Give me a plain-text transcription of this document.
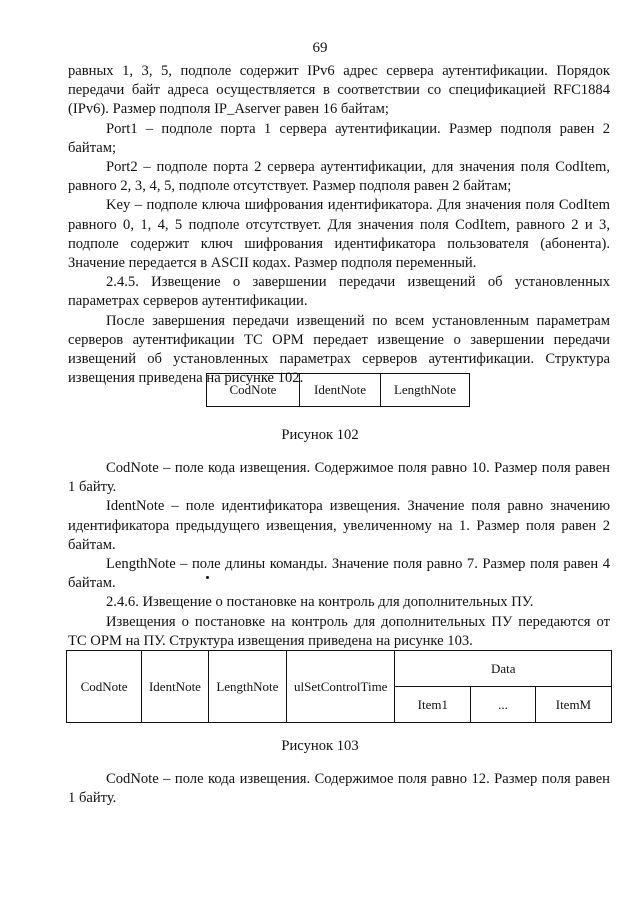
69

равных 1, 3, 5, подполе содержит IPv6 адрес сервера аутентификации. Порядок передачи байт адреса осуществляется в соответствии со спецификацией RFC1884 (IPv6). Размер подполя IP_Aserver равен 16 байтам;

Port1 – подполе порта 1 сервера аутентификации. Размер подполя равен 2 байтам;

Port2 – подполе порта 2 сервера аутентификации, для значения поля CodItem, равного 2, 3, 4, 5, подполе отсутствует. Размер подполя равен 2 байтам;

Key – подполе ключа шифрования идентификатора. Для значения поля CodItem равного 0, 1, 4, 5 подполе отсутствует. Для значения поля CodItem, равного 2 и 3, подполе содержит ключ шифрования идентификатора пользователя (абонента). Значение передается в ASCII кодах. Размер подполя переменный.

2.4.5. Извещение о завершении передачи извещений об установленных параметрах серверов аутентификации.

После завершения передачи извещений по всем установленным параметрам серверов аутентификации ТС ОРМ передает извещение о завершении передачи извещений об установленных параметрах серверов аутентификации. Структура извещения приведена на рисунке 102.

CodNote	IdentNote	LengthNote
Рисунок 102

CodNote – поле кода извещения. Содержимое поля равно 10. Размер поля равен 1 байту.

IdentNote – поле идентификатора извещения. Значение поля равно значению идентификатора предыдущего извещения, увеличенному на 1. Размер поля равен 2 байтам.

LengthNote – поле длины команды. Значение поля равно 7. Размер поля равен 4 байтам.

2.4.6. Извещение о постановке на контроль для дополнительных ПУ.

Извещения о постановке на контроль для дополнительных ПУ передаются от ТС ОРМ на ПУ. Структура извещения приведена на рисунке 103.

CodNote	IdentNote	LengthNote	ulSetControlTime	Data		
				Item1	...	ItemM
Рисунок 103

CodNote – поле кода извещения. Содержимое поля равно 12. Размер поля равен 1 байту.
